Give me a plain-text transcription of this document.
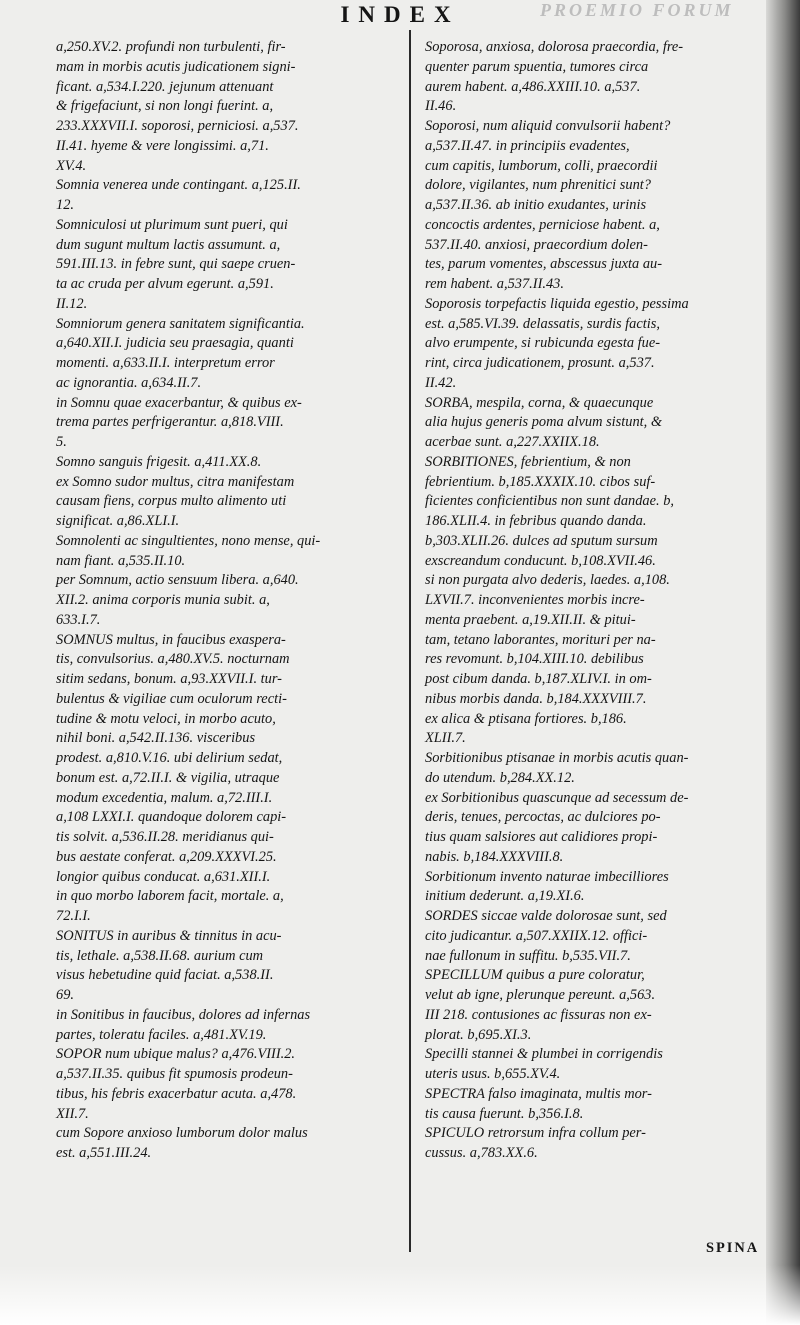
PROEMIO FORUM
INDEX
a,250.XV.2. profundi non turbulenti, fir-
mam in morbis acutis judicationem signi-
ficant. a,534.I.220. jejunum attenuant
& frigefaciunt, si non longi fuerint. a,
233.XXXVII.I. soporosi, perniciosi. a,537.
II.41. hyeme & vere longissimi. a,71.
XV.4.
Somnia venerea unde contingant. a,125.II.
12.
Somniculosi ut plurimum sunt pueri, qui
dum sugunt multum lactis assumunt. a,
591.III.13. in febre sunt, qui saepe cruen-
ta ac cruda per alvum egerunt. a,591.
II.12.
Somniorum genera sanitatem significantia.
a,640.XII.I. judicia seu praesagia, quanti
momenti. a,633.II.I. interpretum error
ac ignorantia. a,634.II.7.
in Somnu quae exacerbantur, & quibus ex-
trema partes perfrigerantur. a,818.VIII.
5.
Somno sanguis frigesit. a,411.XX.8.
ex Somno sudor multus, citra manifestam
causam fiens, corpus multo alimento uti
significat. a,86.XLI.I.
Somnolenti ac singultientes, nono mense, qui-
nam fiant. a,535.II.10.
per Somnum, actio sensuum libera. a,640.
XII.2. anima corporis munia subit. a,
633.I.7.
SOMNUS multus, in faucibus exaspera-
tis, convulsorius. a,480.XV.5. nocturnam
sitim sedans, bonum. a,93.XXVII.I. tur-
bulentus & vigiliae cum oculorum recti-
tudine & motu veloci, in morbo acuto,
nihil boni. a,542.II.136. visceribus
prodest. a,810.V.16. ubi delirium sedat,
bonum est. a,72.II.I. & vigilia, utraque
modum excedentia, malum. a,72.III.I.
a,108 LXXI.I. quandoque dolorem capi-
tis solvit. a,536.II.28. meridianus qui-
bus aestate conferat. a,209.XXXVI.25.
longior quibus conducat. a,631.XII.I.
in quo morbo laborem facit, mortale. a,
72.I.I.
SONITUS in auribus & tinnitus in acu-
tis, lethale. a,538.II.68. aurium cum
visus hebetudine quid faciat. a,538.II.
69.
in Sonitibus in faucibus, dolores ad infernas
partes, toleratu faciles. a,481.XV.19.
SOPOR num ubique malus? a,476.VIII.2.
a,537.II.35. quibus fit spumosis prodeun-
tibus, his febris exacerbatur acuta. a,478.
XII.7.
cum Sopore anxioso lumborum dolor malus
est. a,551.III.24.
Soporosa, anxiosa, dolorosa praecordia, fre-
quenter parum spuentia, tumores circa
aurem habent. a,486.XXIII.10. a,537.
II.46.
Soporosi, num aliquid convulsorii habent?
a,537.II.47. in principiis evadentes,
cum capitis, lumborum, colli, praecordii
dolore, vigilantes, num phrenitici sunt?
a,537.II.36. ab initio exudantes, urinis
concoctis ardentes, perniciose habent. a,
537.II.40. anxiosi, praecordium dolen-
tes, parum vomentes, abscessus juxta au-
rem habent. a,537.II.43.
Soporosis torpefactis liquida egestio, pessima
est. a,585.VI.39. delassatis, surdis factis,
alvo erumpente, si rubicunda egesta fue-
rint, circa judicationem, prosunt. a,537.
II.42.
SORBA, mespila, corna, & quaecunque
alia hujus generis poma alvum sistunt, &
acerbae sunt. a,227.XXIIX.18.
SORBITIONES, febrientium, & non
febrientium. b,185.XXXIX.10. cibos suf-
ficientes conficientibus non sunt dandae. b,
186.XLII.4. in febribus quando danda.
b,303.XLII.26. dulces ad sputum sursum
exscreandum conducunt. b,108.XVII.46.
si non purgata alvo dederis, laedes. a,108.
LXVII.7. inconvenientes morbis incre-
menta praebent. a,19.XII.II. & pitui-
tam, tetano laborantes, morituri per na-
res revomunt. b,104.XIII.10. debilibus
post cibum danda. b,187.XLIV.I. in om-
nibus morbis danda. b,184.XXXVIII.7.
ex alica & ptisana fortiores. b,186.
XLII.7.
Sorbitionibus ptisanae in morbis acutis quan-
do utendum. b,284.XX.12.
ex Sorbitionibus quascunque ad secessum de-
deris, tenues, percoctas, ac dulciores po-
tius quam salsiores aut calidiores propi-
nabis. b,184.XXXVIII.8.
Sorbitionum invento naturae imbecilliores
initium dederunt. a,19.XI.6.
SORDES siccae valde dolorosae sunt, sed
cito judicantur. a,507.XXIIX.12. offici-
nae fullonum in suffitu. b,535.VII.7.
SPECILLUM quibus a pure coloratur,
velut ab igne, plerunque pereunt. a,563.
III 218. contusiones ac fissuras non ex-
plorat. b,695.XI.3.
Specilli stannei & plumbei in corrigendis
uteris usus. b,655.XV.4.
SPECTRA falso imaginata, multis mor-
tis causa fuerunt. b,356.I.8.
SPICULO retrorsum infra collum per-
cussus. a,783.XX.6.
SPINA
